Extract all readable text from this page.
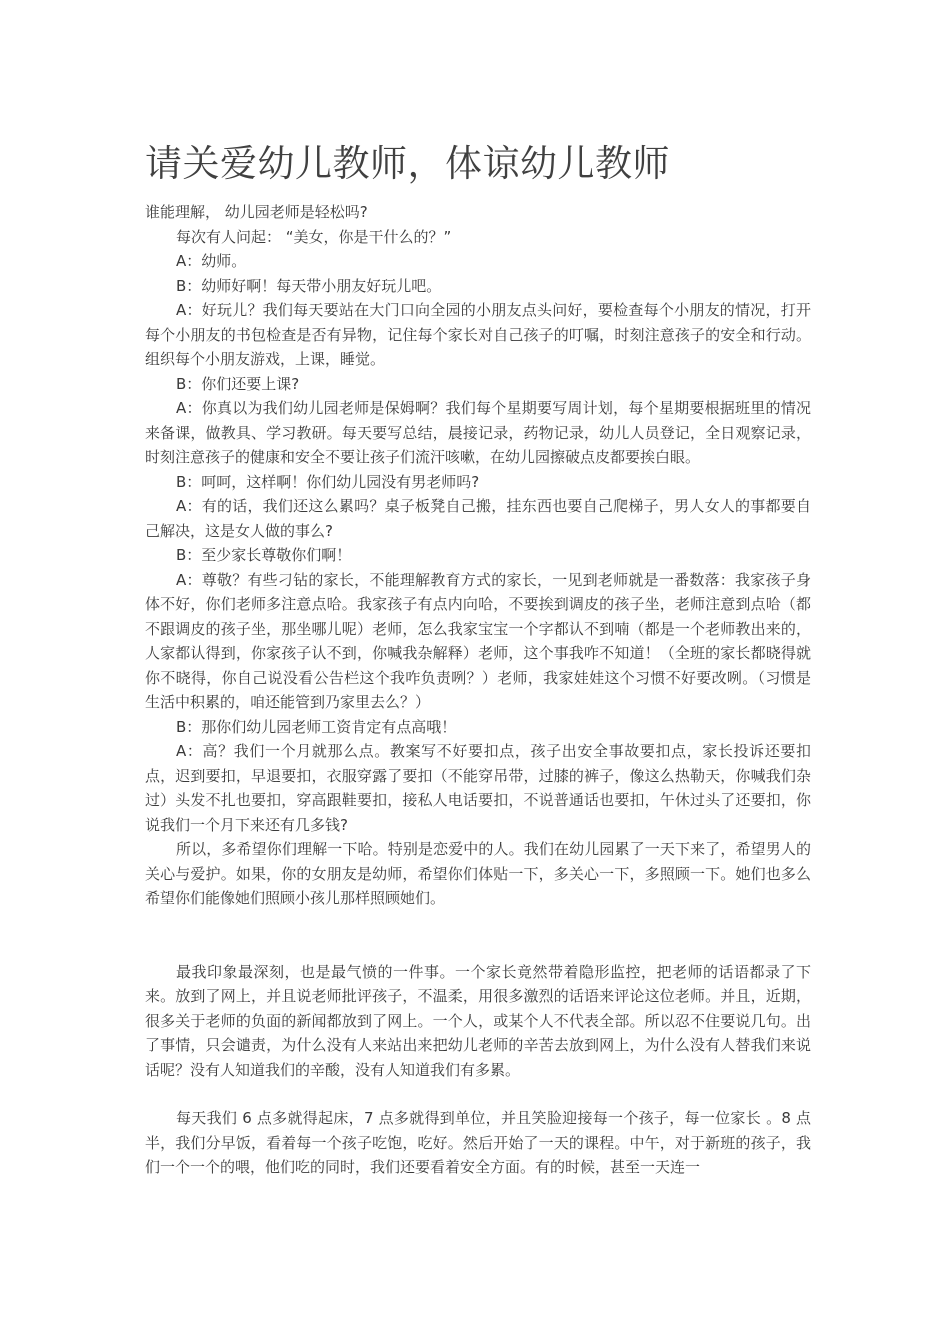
请关爱幼儿教师，体谅幼儿教师

谁能理解， 幼儿园老师是轻松吗?

每次有人问起： “美女，你是干什么的？”

A：幼师。

B：幼师好啊！每天带小朋友好玩儿吧。

A：好玩儿？我们每天要站在大门口向全园的小朋友点头问好，要检查每个小朋友的情况，打开每个小朋友的书包检查是否有异物，记住每个家长对自己孩子的叮嘱，时刻注意孩子的安全和行动。组织每个小朋友游戏，上课，睡觉。

B：你们还要上课?

A：你真以为我们幼儿园老师是保姆啊？我们每个星期要写周计划，每个星期要根据班里的情况来备课，做教具、学习教研。每天要写总结，晨接记录，药物记录，幼儿人员登记，全日观察记录，时刻注意孩子的健康和安全不要让孩子们流汗咳嗽，在幼儿园擦破点皮都要挨白眼。

B：呵呵，这样啊！你们幼儿园没有男老师吗?

A：有的话，我们还这么累吗？桌子板凳自己搬，挂东西也要自己爬梯子，男人女人的事都要自己解决，这是女人做的事么?

B：至少家长尊敬你们啊！

A：尊敬？有些刁钻的家长，不能理解教育方式的家长，一见到老师就是一番数落：我家孩子身体不好，你们老师多注意点哈。我家孩子有点内向哈，不要挨到调皮的孩子坐，老师注意到点哈（都不跟调皮的孩子坐，那坐哪儿呢）老师，怎么我家宝宝一个字都认不到喃（都是一个老师教出来的，人家都认得到，你家孩子认不到，你喊我杂解释）老师，这个事我咋不知道！（全班的家长都晓得就你不晓得，你自己说没看公告栏这个我咋负责咧？）老师，我家娃娃这个习惯不好要改咧。（习惯是生活中积累的，咱还能管到乃家里去么？）

B：那你们幼儿园老师工资肯定有点高哦！

A：高？我们一个月就那么点。教案写不好要扣点，孩子出安全事故要扣点，家长投诉还要扣点，迟到要扣，早退要扣，衣服穿露了要扣（不能穿吊带，过膝的裤子，像这么热勒天，你喊我们杂过）头发不扎也要扣，穿高跟鞋要扣，接私人电话要扣，不说普通话也要扣，午休过头了还要扣，你说我们一个月下来还有几多钱?

所以，多希望你们理解一下哈。特别是恋爱中的人。我们在幼儿园累了一天下来了，希望男人的关心与爱护。如果，你的女朋友是幼师，希望你们体贴一下，多关心一下，多照顾一下。她们也多么希望你们能像她们照顾小孩儿那样照顾她们。

最我印象最深刻，也是最气愤的一件事。一个家长竟然带着隐形监控，把老师的话语都录了下来。放到了网上，并且说老师批评孩子，不温柔，用很多激烈的话语来评论这位老师。并且，近期，很多关于老师的负面的新闻都放到了网上。一个人，或某个人不代表全部。所以忍不住要说几句。出了事情，只会谴责，为什么没有人来站出来把幼儿老师的辛苦去放到网上，为什么没有人替我们来说话呢？没有人知道我们的辛酸，没有人知道我们有多累。

每天我们 6 点多就得起床，7 点多就得到单位，并且笑脸迎接每一个孩子，每一位家长 。8 点半，我们分早饭，看着每一个孩子吃饱，吃好。然后开始了一天的课程。中午，对于新班的孩子，我们一个一个的喂，他们吃的同时，我们还要看着安全方面。有的时候，甚至一天连一
